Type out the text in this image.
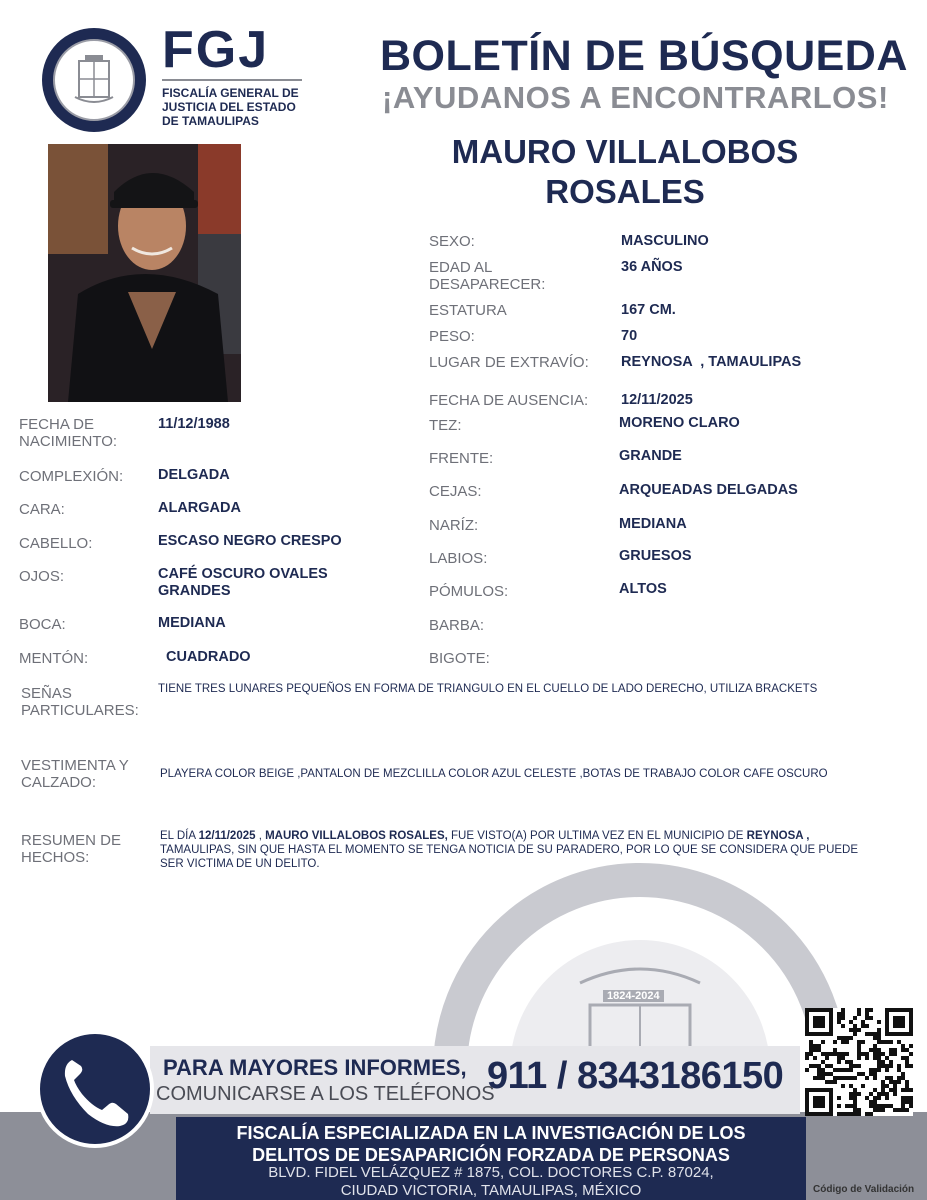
FGJ
FISCALÍA GENERAL DE
JUSTICIA DEL ESTADO
DE TAMAULIPAS
BOLETÍN DE BÚSQUEDA
¡AYUDANOS A ENCONTRARLOS!
MAURO VILLALOBOS
ROSALES
SEXO:	MASCULINO
EDAD AL DESAPARECER:
36 AÑOS
ESTATURA	167 CM.
PESO:	70
LUGAR DE EXTRAVÍO: REYNOSA  , TAMAULIPAS
FECHA DE AUSENCIA: 12/11/2025
TEZ:	MORENO CLARO
FRENTE:	GRANDE
CEJAS:	ARQUEADAS DELGADAS
NARÍZ:	MEDIANA
LABIOS:	GRUESOS
PÓMULOS:	ALTOS
BARBA:
BIGOTE:
FECHA DE NACIMIENTO:
11/12/1988
COMPLEXIÓN: DELGADA
CARA:	ALARGADA
CABELLO:	ESCASO NEGRO CRESPO
OJOS:	CAFÉ OSCURO OVALES GRANDES
BOCA:	MEDIANA
MENTÓN:	CUADRADO
SEÑAS PARTICULARES:
TIENE TRES LUNARES PEQUEÑOS EN FORMA DE TRIANGULO EN EL CUELLO DE LADO DERECHO, UTILIZA BRACKETS
VESTIMENTA Y CALZADO:	PLAYERA COLOR BEIGE ,PANTALON DE MEZCLILLA COLOR AZUL CELESTE ,BOTAS DE TRABAJO COLOR CAFE OSCURO
RESUMEN DE HECHOS:
EL DÍA 12/11/2025 , MAURO VILLALOBOS ROSALES, FUE VISTO(A) POR ULTIMA VEZ EN EL MUNICIPIO DE REYNOSA , TAMAULIPAS, SIN QUE HASTA EL MOMENTO SE TENGA NOTICIA DE SU PARADERO, POR LO QUE SE CONSIDERA QUE PUEDE SER VICTIMA DE UN DELITO.
1824-2024
PARA MAYORES INFORMES,
COMUNICARSE A LOS TELÉFONOS
911 / 8343186150
FISCALÍA ESPECIALIZADA EN LA INVESTIGACIÓN DE LOS
DELITOS DE DESAPARICIÓN FORZADA DE PERSONAS
BLVD. FIDEL VELÁZQUEZ # 1875, COL. DOCTORES C.P. 87024,
CIUDAD VICTORIA, TAMAULIPAS, MÉXICO	Código de Validación
